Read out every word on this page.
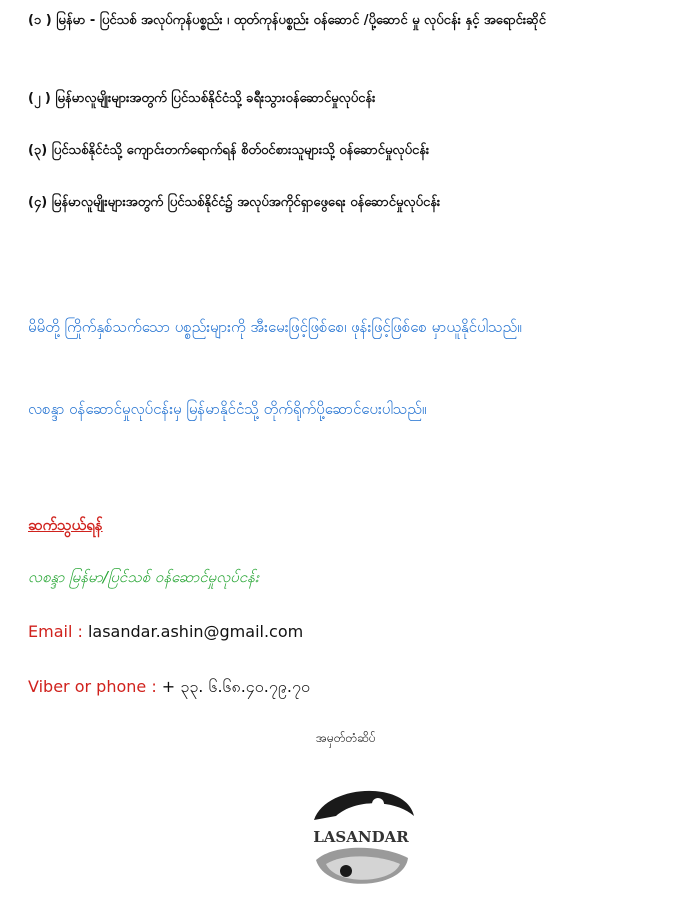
(၁ ) မြန်မာ - ပြင်သစ် အလုပ်ကုန်ပစ္စည်း ၊ ထုတ်ကုန်ပစ္စည်း ဝန်ဆောင် /ပို့ဆောင် မှု လုပ်ငန်း နှင့် အရောင်းဆိုင်

(၂ ) မြန်မာလူမျိုးများအတွက် ပြင်သစ်နိုင်ငံသို့ ခရီးသွားဝန်ဆောင်မှုလုပ်ငန်း

(၃) ပြင်သစ်နိုင်ငံသို့ ကျောင်းတက်ရောက်ရန် စိတ်ဝင်စားသူများသို့ ဝန်ဆောင်မှုလုပ်ငန်း

(၄) မြန်မာလူမျိုးများအတွက် ပြင်သစ်နိုင်ငံ၌ အလုပ်အကိုင်ရှာဖွေရေး ဝန်ဆောင်မှုလုပ်ငန်း

မိမိတို့ ကြိုက်နှစ်သက်သော ပစ္စည်းများကို အီးမေးဖြင့်ဖြစ်စေ၊ ဖုန်းဖြင့်ဖြစ်စေ မှာယူနိုင်ပါသည်။

လစန္ဒာ ဝန်ဆောင်မှုလုပ်ငန်းမှ မြန်မာနိုင်ငံသို့ တိုက်ရိုက်ပို့ဆောင်ပေးပါသည်။

ဆက်သွယ်ရန်

လစန္ဒာ မြန်မာ/ပြင်သစ် ဝန်ဆောင်မှုလုပ်ငန်း

Email : lasandar.ashin@gmail.com

Viber or phone : + ၃၃. ၆.၆၈.၄၀.၇၉.၇၀

အမှတ်တံဆိပ်

LASANDAR
